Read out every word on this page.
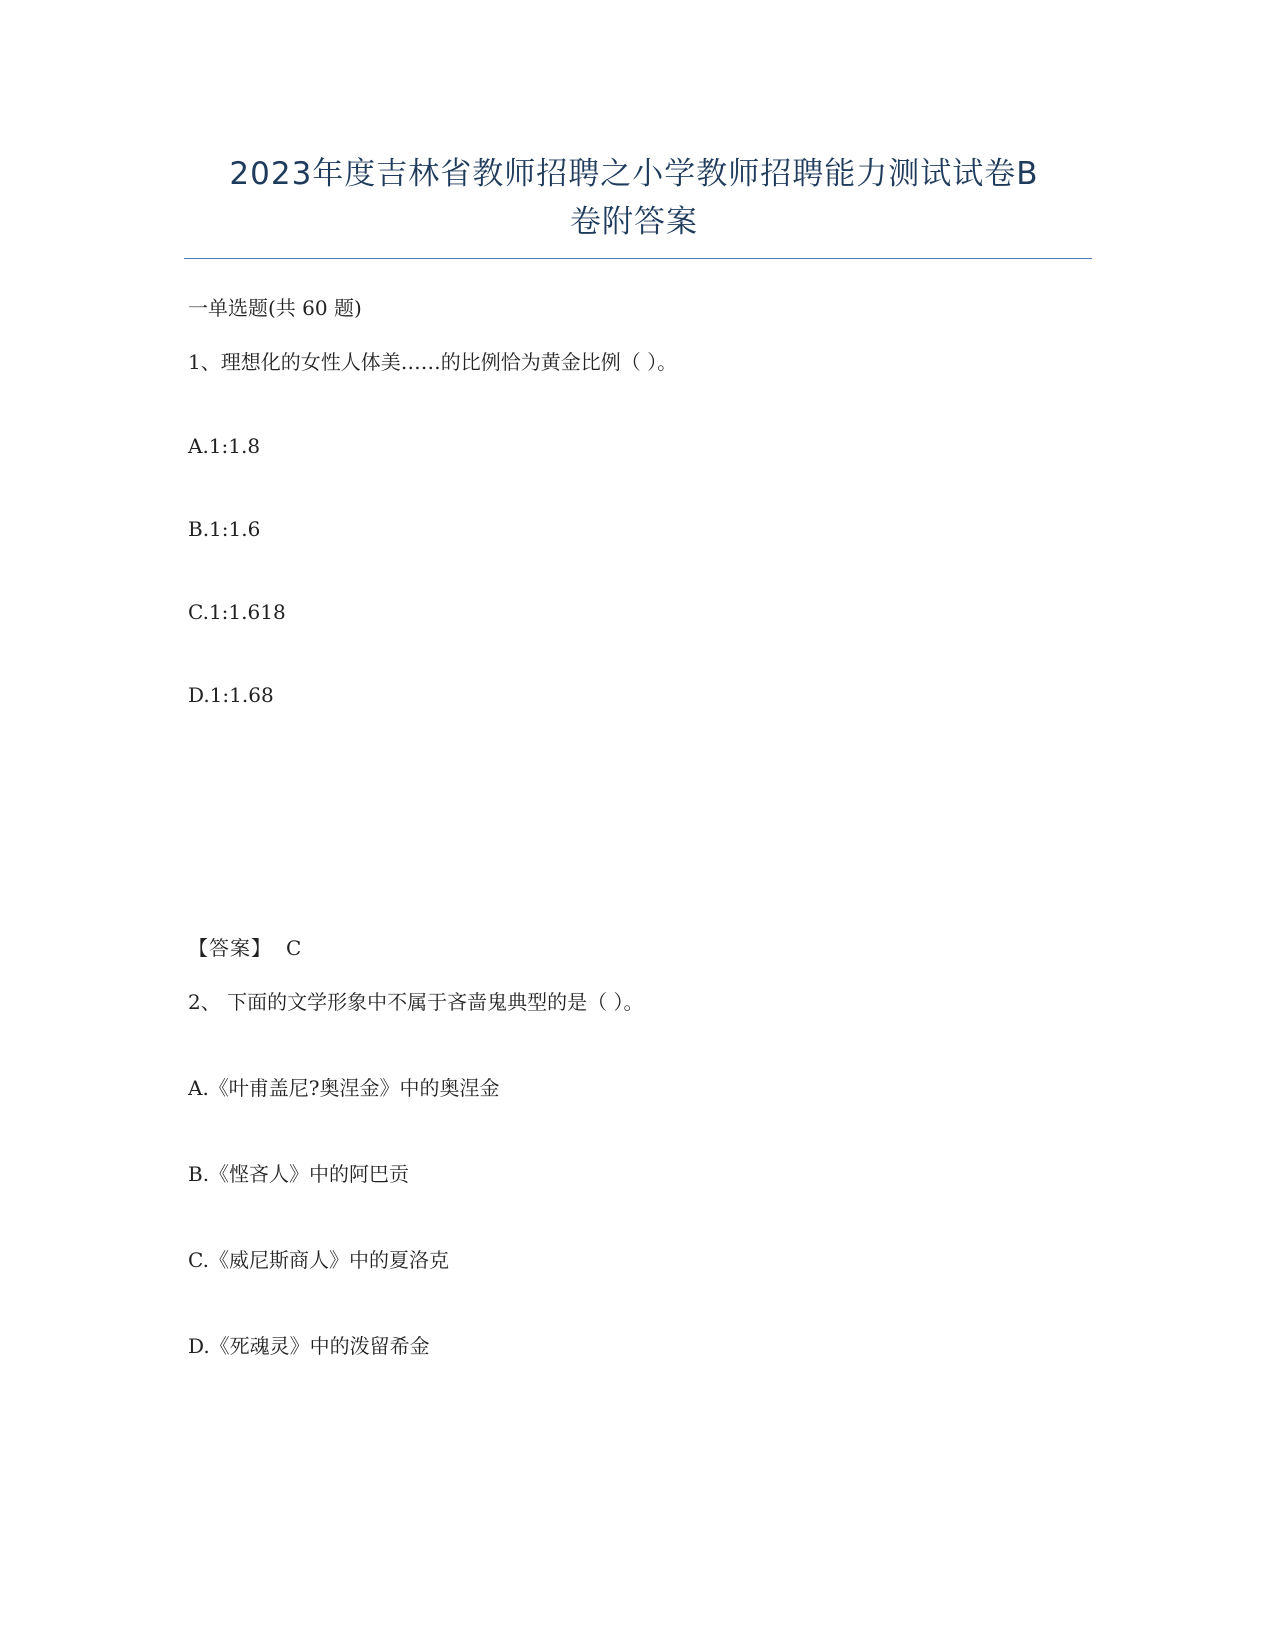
2023年度吉林省教师招聘之小学教师招聘能力测试试卷B
卷附答案
一单选题(共 60 题)
1、理想化的女性人体美……的比例恰为黄金比例（ ）。
A.1:1.8
B.1:1.6
C.1:1.618
D.1:1.68
【答案】 C
2、 下面的文学形象中不属于吝啬鬼典型的是（ ）。
A.《叶甫盖尼?奥涅金》中的奥涅金
B.《悭吝人》中的阿巴贡
C.《威尼斯商人》中的夏洛克
D.《死魂灵》中的泼留希金
